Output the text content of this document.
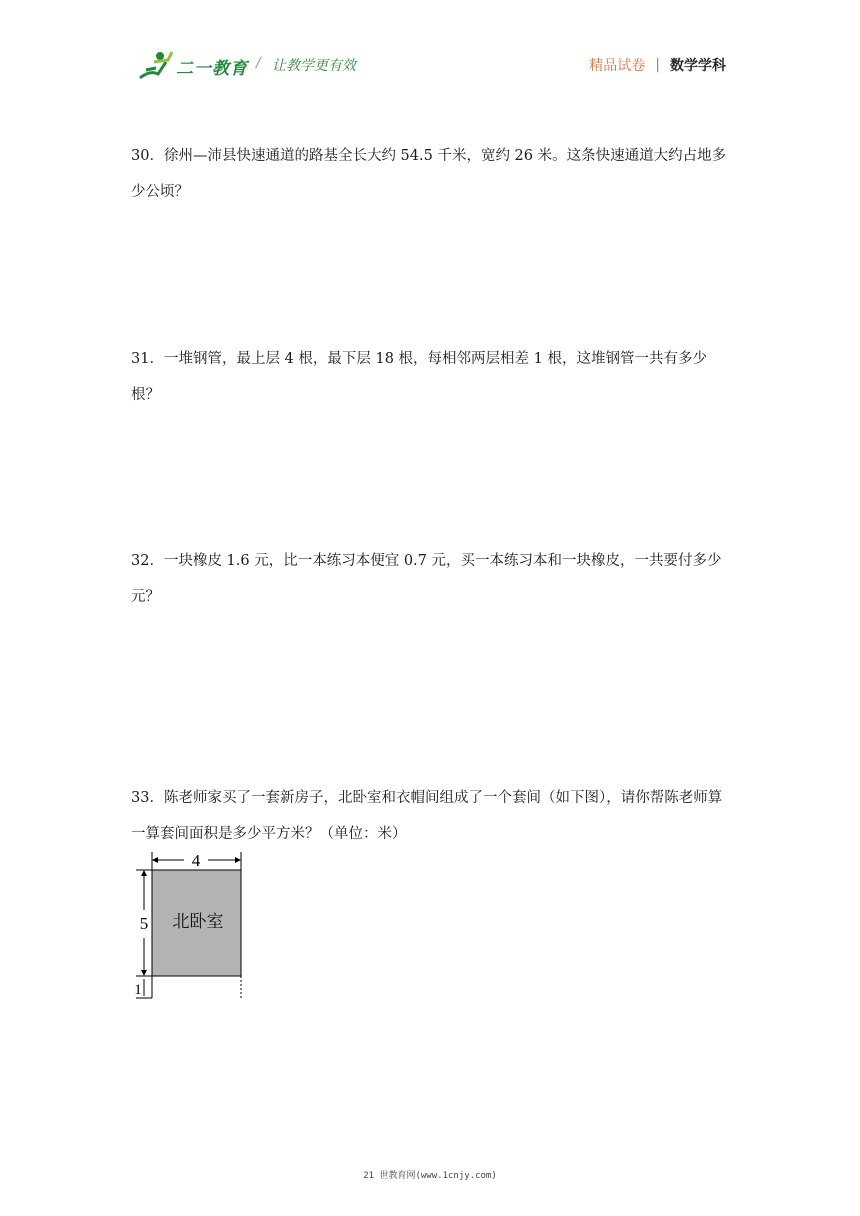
二一教育 / 让教学更有效	精品试卷 | 数学学科
30．徐州—沛县快速通道的路基全长大约 54.5 千米，宽约 26 米。这条快速通道大约占地多少公顷？
31．一堆钢管，最上层 4 根，最下层 18 根，每相邻两层相差 1 根，这堆钢管一共有多少根？
32．一块橡皮 1.6 元，比一本练习本便宜 0.7 元，买一本练习本和一块橡皮，一共要付多少元？
33．陈老师家买了一套新房子，北卧室和衣帽间组成了一个套间（如下图），请你帮陈老师算一算套间面积是多少平方米？（单位：米）
4
5
1
北卧室
21 世教育网(www.1cnjy.com)
